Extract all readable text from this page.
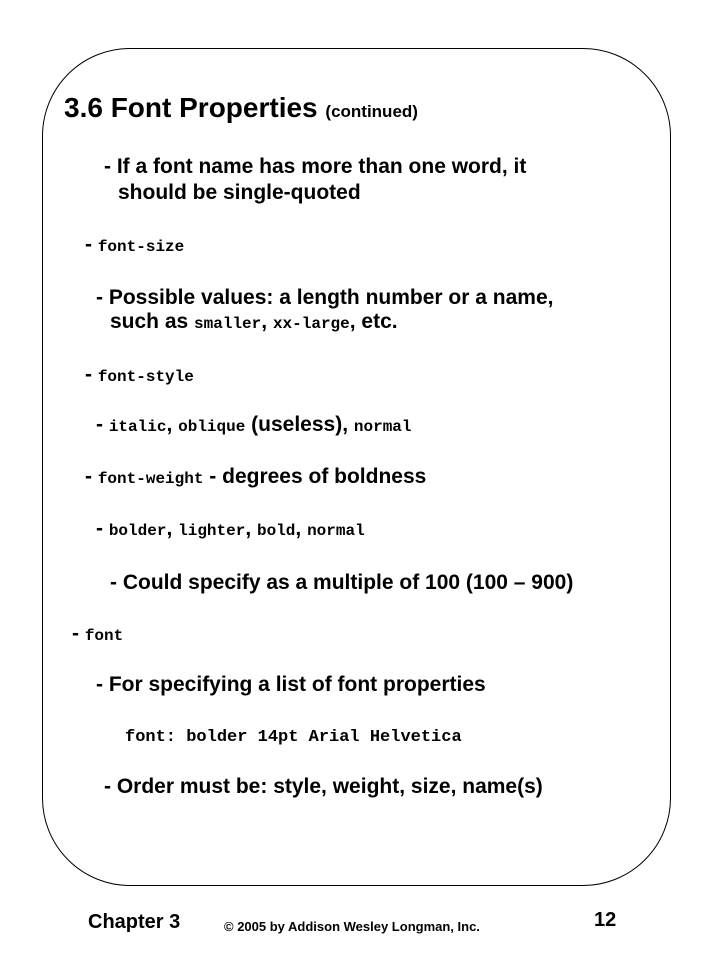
3.6 Font Properties (continued)
- If a font name has more than one word, it
should be single-quoted
- font-size
- Possible values: a length number or a name,
such as smaller, xx-large, etc.
- font-style
- italic, oblique (useless), normal
- font-weight - degrees of boldness
- bolder, lighter, bold, normal
- Could specify as a multiple of 100 (100 – 900)
- font
- For specifying a list of font properties
font: bolder 14pt Arial Helvetica
- Order must be: style, weight, size, name(s)
Chapter 3	© 2005 by Addison Wesley Longman, Inc.	12
